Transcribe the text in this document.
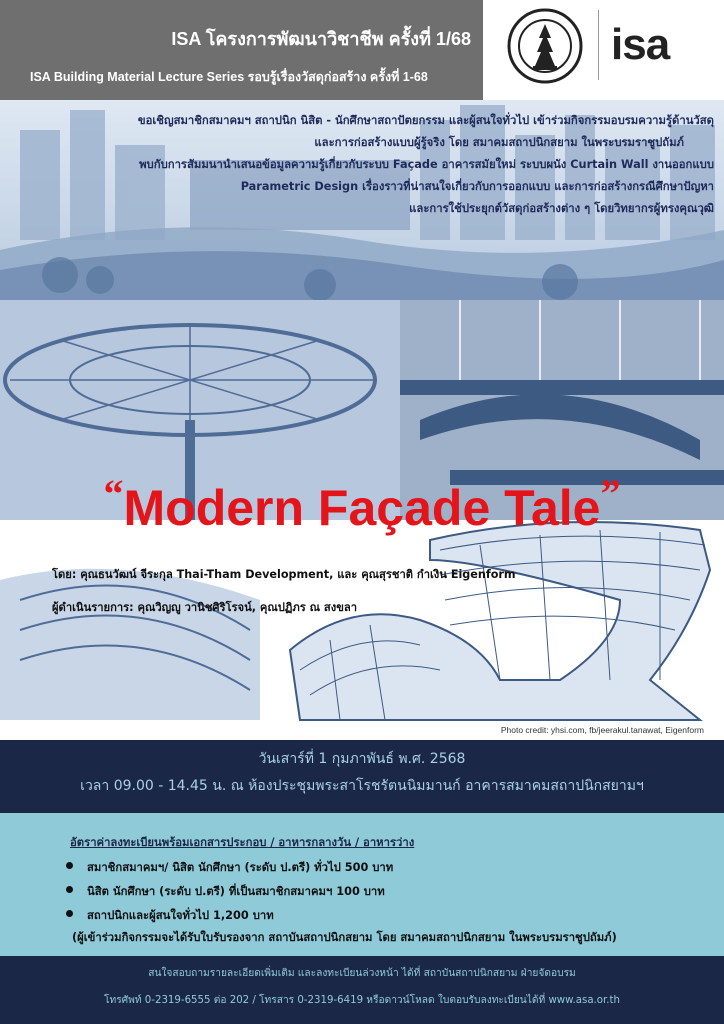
ISA โครงการพัฒนาวิชาชีพ ครั้งที่ 1/68
ISA Building Material Lecture Series รอบรู้เรื่องวัสดุก่อสร้าง ครั้งที่ 1-68
isa

ขอเชิญสมาชิกสมาคมฯ สถาปนิก นิสิต - นักศึกษาสถาปัตยกรรม และผู้สนใจทั่วไป เข้าร่วมกิจกรรมอบรมความรู้ด้านวัสดุ

และการก่อสร้างแบบผู้รู้จริง โดย สมาคมสถาปนิกสยาม ในพระบรมราชูปถัมภ์

พบกับการสัมมนานำเสนอข้อมูลความรู้เกี่ยวกับระบบ Façade อาคารสมัยใหม่ ระบบผนัง Curtain Wall งานออกแบบ

Parametric Design เรื่องราวที่น่าสนใจเกี่ยวกับการออกแบบ และการก่อสร้างกรณีศึกษาปัญหา

และการใช้ประยุกต์วัสดุก่อสร้างต่าง ๆ โดยวิทยากรผู้ทรงคุณวุฒิ

“Modern Façade Tale”
โดย: คุณธนวัฒน์ จีระกุล Thai-Tham Development, และ คุณสุรชาติ กำเงิน Eigenform
ผู้ดำเนินรายการ: คุณวิญญู วานิชศิริโรจน์, คุณปฏิภร ณ สงขลา
Photo credit: yhsi.com, fb/jeerakul.tanawat, Eigenform
วันเสาร์ที่ 1 กุมภาพันธ์ พ.ศ. 2568
เวลา 09.00 - 14.45 น. ณ ห้องประชุมพระสาโรชรัตนนิมมานก์ อาคารสมาคมสถาปนิกสยามฯ
อัตราค่าลงทะเบียนพร้อมเอกสารประกอบ / อาหารกลางวัน / อาหารว่าง
สมาชิกสมาคมฯ/ นิสิต นักศึกษา (ระดับ ป.ตรี) ทั่วไป 500 บาท
นิสิต นักศึกษา (ระดับ ป.ตรี) ที่เป็นสมาชิกสมาคมฯ 100 บาท
สถาปนิกและผู้สนใจทั่วไป 1,200 บาท
(ผู้เข้าร่วมกิจกรรมจะได้รับใบรับรองจาก สถาบันสถาปนิกสยาม โดย สมาคมสถาปนิกสยาม ในพระบรมราชูปถัมภ์)
สนใจสอบถามรายละเอียดเพิ่มเติม และลงทะเบียนล่วงหน้า ได้ที่ สถาบันสถาปนิกสยาม ฝ่ายจัดอบรม
โทรศัพท์ 0-2319-6555 ต่อ 202 / โทรสาร 0-2319-6419 หรือดาวน์โหลด ใบตอบรับลงทะเบียนได้ที่ www.asa.or.th
